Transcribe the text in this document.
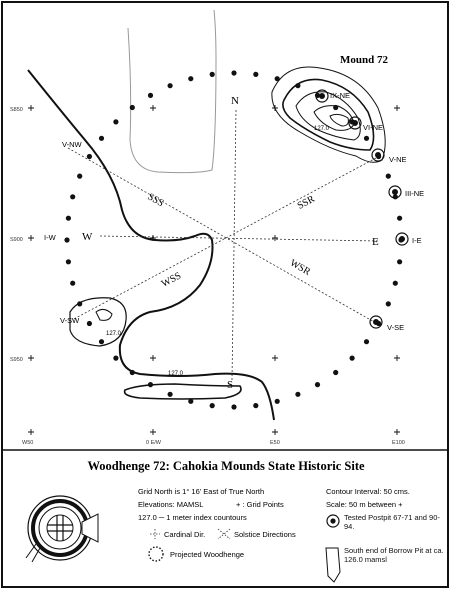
Mound 72
127.0
127.0
127.0
N
S
E
W
SSS	SSR
WSS
WSR
IX-NE
VI-NE
V-NE
III-NE
I-E
V-SE
V-NW
I-W
V-SW
S850
S900
S950
W50	0 E/W	E50	E100
Woodhenge 72: Cahokia Mounds State Historic Site
Grid North is 1° 16' East of True North
Elevations: MAMSL	+ : Grid Points
127.0 ─ 1 meter index countours
Cardinal Dir.	Solstice Directions
Projected Woodhenge
Contour Interval: 50 cms.
Scale: 50 m between +
Tested Postpit 67-71 and 90-94.
South end of Borrow Pit at ca. 126.0 mamsl
